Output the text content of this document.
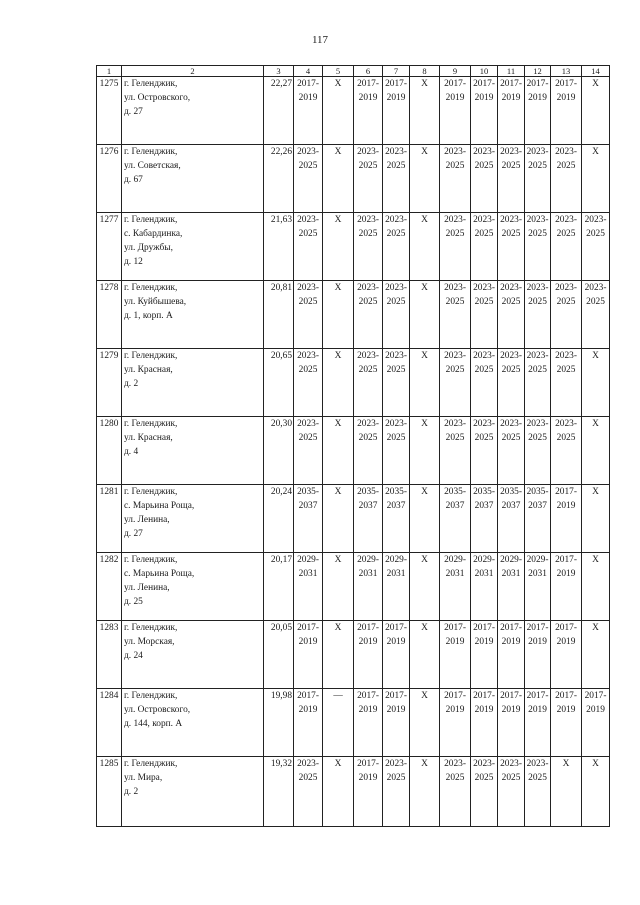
117
1	2	3	4	5	6	7	8	9	10	11	12	13	14
1275	г. Геленджик,
ул. Островского,
д. 27	22,27	2017-
2019	X	2017-
2019	2017-
2019	X	2017-
2019	2017-
2019	2017-
2019	2017-
2019	2017-
2019	X

1276	г. Геленджик,
ул. Советская,
д. 67	22,26	2023-
2025	X	2023-
2025	2023-
2025	X	2023-
2025	2023-
2025	2023-
2025	2023-
2025	2023-
2025	X

1277	г. Геленджик,
с. Кабардинка,
ул. Дружбы,
д. 12	21,63	2023-
2025	X	2023-
2025	2023-
2025	X	2023-
2025	2023-
2025	2023-
2025	2023-
2025	2023-
2025	2023-
2025

1278	г. Геленджик,
ул. Куйбышева,
д. 1, корп. А	20,81	2023-
2025	X	2023-
2025	2023-
2025	X	2023-
2025	2023-
2025	2023-
2025	2023-
2025	2023-
2025	2023-
2025

1279	г. Геленджик,
ул. Красная,
д. 2	20,65	2023-
2025	X	2023-
2025	2023-
2025	X	2023-
2025	2023-
2025	2023-
2025	2023-
2025	2023-
2025	X

1280	г. Геленджик,
ул. Красная,
д. 4	20,30	2023-
2025	X	2023-
2025	2023-
2025	X	2023-
2025	2023-
2025	2023-
2025	2023-
2025	2023-
2025	X

1281	г. Геленджик,
с. Марьина Роща,
ул. Ленина,
д. 27	20,24	2035-
2037	X	2035-
2037	2035-
2037	X	2035-
2037	2035-
2037	2035-
2037	2035-
2037	2017-
2019	X

1282	г. Геленджик,
с. Марьина Роща,
ул. Ленина,
д. 25	20,17	2029-
2031	X	2029-
2031	2029-
2031	X	2029-
2031	2029-
2031	2029-
2031	2029-
2031	2017-
2019	X

1283	г. Геленджик,
ул. Морская,
д. 24	20,05	2017-
2019	X	2017-
2019	2017-
2019	X	2017-
2019	2017-
2019	2017-
2019	2017-
2019	2017-
2019	X

1284	г. Геленджик,
ул. Островского,
д. 144, корп. А	19,98	2017-
2019	—	2017-
2019	2017-
2019	X	2017-
2019	2017-
2019	2017-
2019	2017-
2019	2017-
2019	2017-
2019

1285	г. Геленджик,
ул. Мира,
д. 2	19,32	2023-
2025	X	2017-
2019	2023-
2025	X	2023-
2025	2023-
2025	2023-
2025	2023-
2025	X	X
